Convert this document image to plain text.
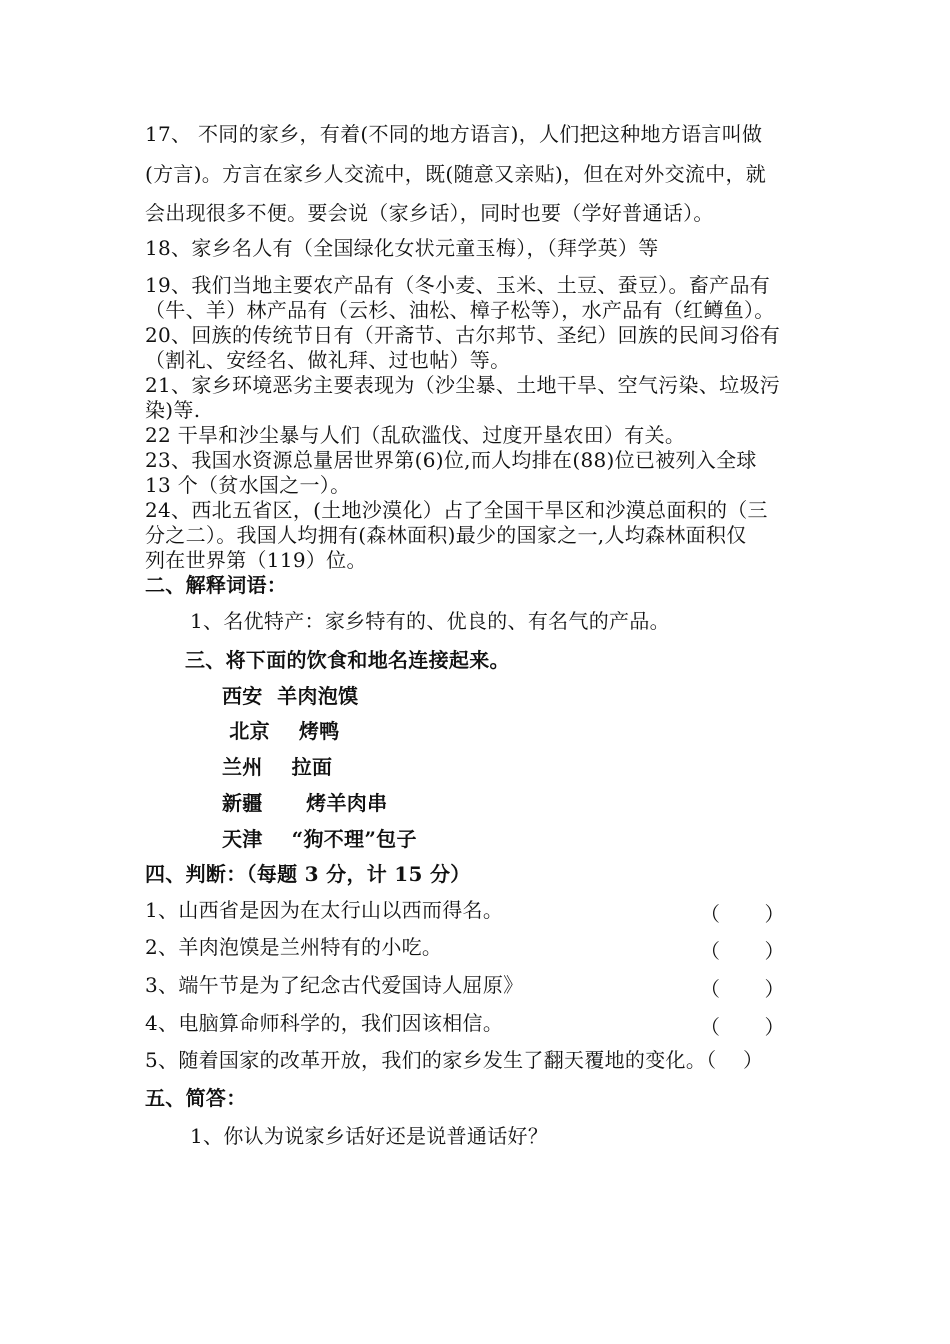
17、 不同的家乡，有着(不同的地方语言)，人们把这种地方语言叫做
(方言)。方言在家乡人交流中，既(随意又亲贴)，但在对外交流中，就
会出现很多不便。要会说（家乡话），同时也要（学好普通话）。
18、家乡名人有（全国绿化女状元童玉梅），（拜学英）等
19、我们当地主要农产品有（冬小麦、玉米、土豆、蚕豆）。畜产品有
（牛、羊）林产品有（云杉、油松、樟子松等），水产品有（红鳟鱼）。
20、回族的传统节日有（开斋节、古尔邦节、圣纪）回族的民间习俗有
（割礼、安经名、做礼拜、过也帖）等。
21、家乡环境恶劣主要表现为（沙尘暴、土地干旱、空气污染、垃圾污
染)等.
22 干旱和沙尘暴与人们（乱砍滥伐、过度开垦农田）有关。
23、我国水资源总量居世界第(6)位,而人均排在(88)位已被列入全球
13 个（贫水国之一）。
24、西北五省区，(土地沙漠化）占了全国干旱区和沙漠总面积的（三
分之二）。我国人均拥有(森林面积)最少的国家之一,人均森林面积仅
列在世界第（119）位。
二、解释词语：
1、名优特产：家乡特有的、优良的、有名气的产品。
三、将下面的饮食和地名连接起来。
西安  羊肉泡馍
北京    烤鸭
兰州    拉面
新疆      烤羊肉串
天津    “狗不理”包子
四、判断：（每题 3 分，计 15 分）
1、山西省是因为在太行山以西而得名。	（       ）
2、羊肉泡馍是兰州特有的小吃。	（       ）
3、端午节是为了纪念古代爱国诗人屈原》	（       ）
4、电脑算命师科学的，我们因该相信。	（       ）
5、随着国家的改革开放，我们的家乡发生了翻天覆地的变化。（    ）
五、简答：
1、你认为说家乡话好还是说普通话好？
